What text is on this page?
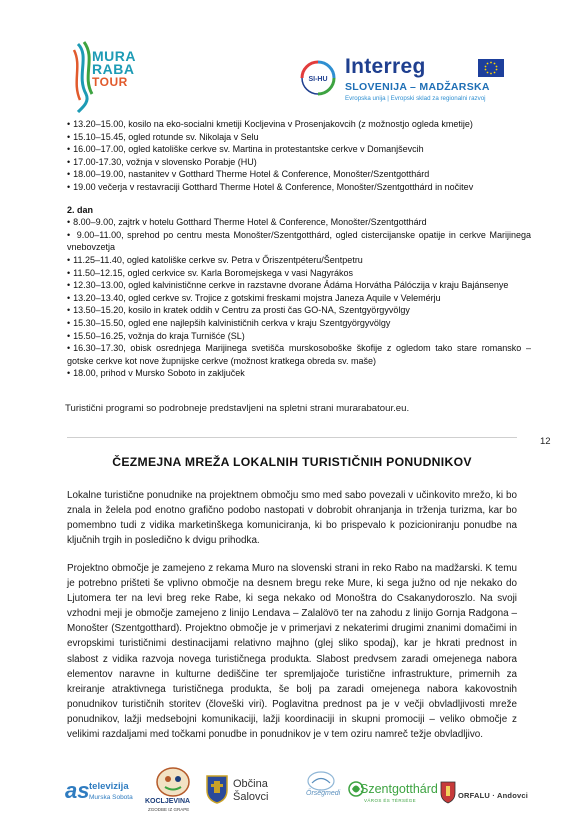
MURA
RABA
TOUR	SI-HU
Interreg
SLOVENIJA – MADŽARSKA
Evropska unija | Evropski sklad za regionalni razvoj
• 13.20–15.00, kosilo na eko-socialni kmetiji Kocljevina v Prosenjakovcih (z možnostjo ogleda kmetije)
• 15.10–15.45, ogled rotunde sv. Nikolaja v Selu
• 16.00–17.00, ogled katoliške cerkve sv. Martina in protestantske cerkve v Domanjševcih
• 17.00-17.30, vožnja v slovensko Porabje (HU)
• 18.00–19.00, nastanitev v Gotthard Therme Hotel & Conference, Monošter/Szentgotthárd
• 19.00 večerja v restavraciji Gotthard Therme Hotel & Conference, Monošter/Szentgotthárd in nočitev
2. dan
• 8.00–9.00, zajtrk v hotelu Gotthard Therme Hotel & Conference, Monošter/Szentgotthárd
• 9.00–11.00, sprehod po centru mesta Monošter/Szentgotthárd, ogled cistercijanske opatije in cerkve Marijinega vnebovzetja
• 11.25–11.40, ogled katoliške cerkve sv. Petra v Őriszentpéteru/Šentpetru
• 11.50–12.15, ogled cerkvice sv. Karla Boromejskega v vasi Nagyrákos
• 12.30–13.00, ogled kalvinističnne cerkve in razstavne dvorane Ádáma Horvátha Pálóczija v kraju Bajánsenye
• 13.20–13.40, ogled cerkve sv. Trojice z gotskimi freskami mojstra Janeza Aquile v Velemérju
• 13.50–15.20, kosilo in kratek oddih v Centru za prosti čas GO-NA, Szentgyörgyvölgy
• 15.30–15.50, ogled ene najlepših kalvinističnih cerkva v kraju Szentgyörgyvölgy
• 15.50–16.25, vožnja do kraja Turnišće (SL)
• 16.30–17.30, obisk osrednjega Marijinega svetišča murskosoboške škofije z ogledom tako stare romansko – gotske cerkve kot nove župnijske cerkve (možnost kratkega obreda sv. maše)
• 18.00, prihod v Mursko Soboto in zaključek
Turistični programi so podrobneje predstavljeni na spletni strani murarabatour.eu.
12
ČEZMEJNA MREŽA LOKALNIH TURISTIČNIH PONUDNIKOV

Lokalne turistične ponudnike na projektnem območju smo med sabo povezali v učinkovito mrežo, ki bo znala in želela pod enotno grafično podobo nastopati v dobrobit ohranjanja in trženja turizma, kar bo pomembno tudi z vidika marketinškega komuniciranja, ki bo prispevalo k pozicioniranju ponudbe na ključnih trgih in posledično k dvigu prihodka.

Projektno območje je zamejeno z rekama Muro na slovenski strani in reko Rabo na madžarski. K temu je potrebno prišteti še vplivno območje na desnem bregu reke Mure, ki sega južno od nje nekako do Ljutomera ter na levi breg reke Rabe, ki sega nekako od Monoštra do Csakanydoroszlo. Na svoji vzhodni meji je območje zamejeno z linijo Lendava – Zalalövö ter na zahodu z linijo Gornja Radgona – Monošter (Szentgotthard). Projektno območje je v primerjavi z nekaterimi drugimi znanimi domačimi in evropskimi turističnimi destinacijami relativno majhno (glej sliko spodaj), kar je hkrati prednost in slabost z vidika razvoja novega turističnega produkta. Slabost predvsem zaradi omejenega nabora elementov naravne in kulturne dediščine ter spremljajoče turistične infrastrukture, primernih za kreiranje atraktivnega turističnega produkta, še bolj pa zaradi omejenega nabora kakovostnih ponudnikov turističnih storitev (človeški viri). Poglavitna prednost pa je v večji obvladljivosti mreže ponudnikov, lažji medsebojni komunikaciji, lažji koordinaciji in skupni promociji – veliko območje z velikimi razdaljami med točkami ponudbe in ponudnikov je v tem oziru namreč težje obvladljivo.

as televizija
Murska Sobota
KOCLJEVINA
ZGODBE IZ GRAPE
Občina
Šalovci	Őrségmedi Szentgotthárd
VÁROS ÉS TÉRSÉGE
ORFALU · Andovci
